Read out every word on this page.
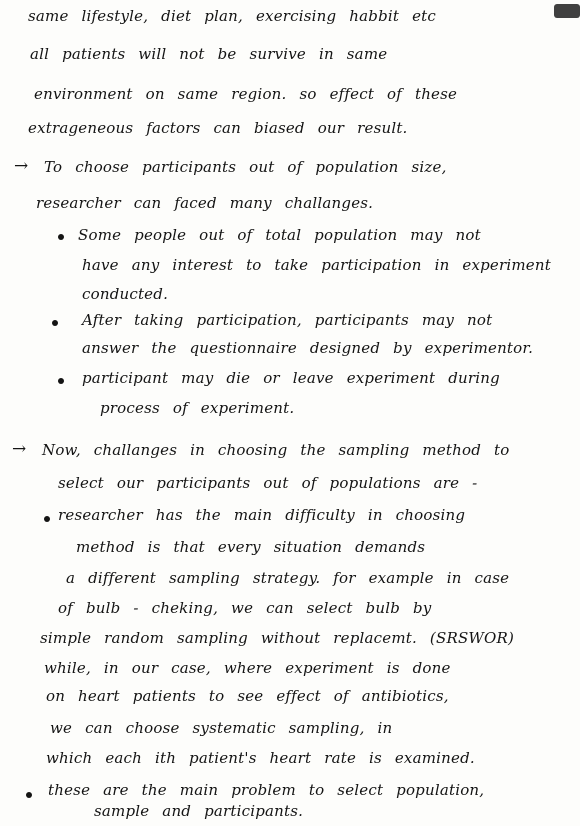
same lifestyle, diet plan, exercising habbit etc
all patients will not be survive in same
environment on same region. so effect of these
extrageneous factors can biased our result.
→ To choose participants out of population size,
researcher can faced many challanges.
Some people out of total population may not
have any interest to take participation in experiment
conducted.
After taking participation, participants may not
answer the questionnaire designed by experimentor.
participant may die or leave experiment during
process of experiment.
→ Now, challanges in choosing the sampling method to
select our participants out of populations are -
researcher has the main difficulty in choosing
method is that every situation demands
a different sampling strategy. for example in case
of bulb - cheking, we can select bulb by
simple random sampling without replacemt. (SRSWOR)
while, in our case, where experiment is done
on heart patients to see effect of antibiotics,
we can choose systematic sampling, in
which each ith patient's heart rate is examined.
these are the main problem to select population,
sample and participants.
